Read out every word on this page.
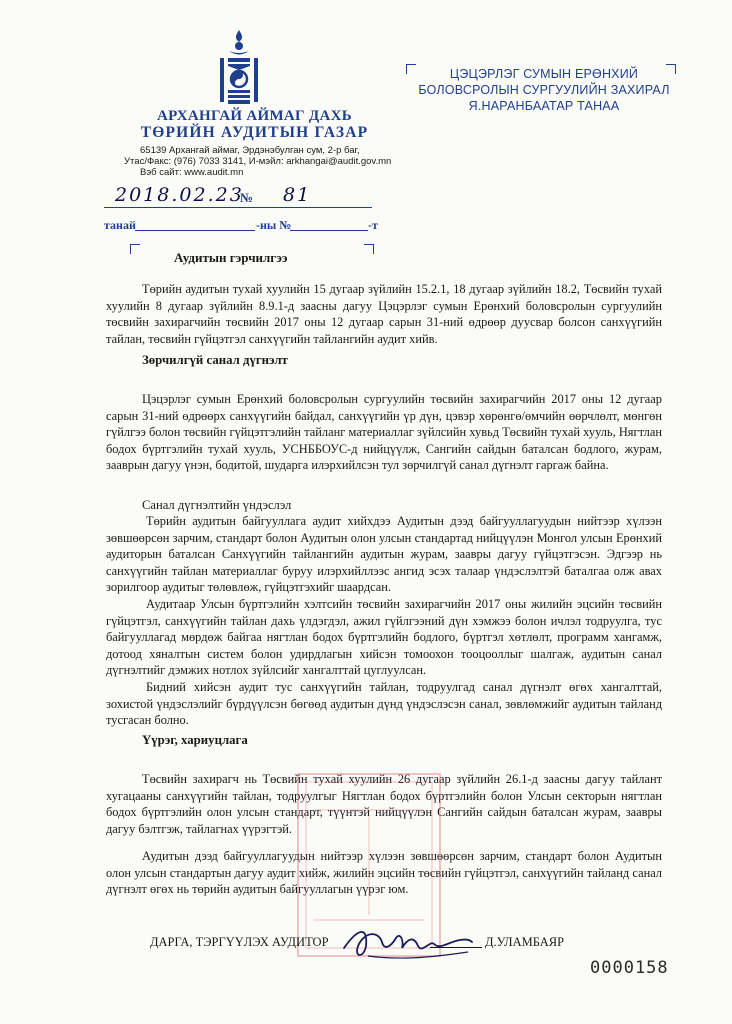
АРХАНГАЙ АЙМАГ ДАХЬ
ТӨРИЙН АУДИТЫН ГАЗАР
65139 Архангай аймаг, Эрдэнэбулган сум, 2-р баг,
Утас/Факс: (976) 7033 3141, И-мэйл: arkhangai@audit.gov.mn
Вэб сайт: www.audit.mn
2018.02.23
№ 81
танай	-ны №	-т
ЦЭЦЭРЛЭГ СУМЫН ЕРӨНХИЙ
БОЛОВСРОЛЫН СУРГУУЛИЙН ЗАХИРАЛ
Я.НАРАНБААТАР ТАНАА
Аудитын гэрчилгээ

Төрийн аудитын тухай хуулийн 15 дугаар зүйлийн 15.2.1, 18 дугаар зүйлийн 18.2, Төсвийн тухай хуулийн 8 дугаар зүйлийн 8.9.1-д заасны дагуу Цэцэрлэг сумын Ерөнхий боловсролын сургуулийн төсвийн захирагчийн төсвийн 2017 оны 12 дугаар сарын 31-ний өдрөөр дуусвар болсон санхүүгийн тайлан, төсвийн гүйцэтгэл санхүүгийн тайлангийн аудит хийв.

Зөрчилгүй санал дүгнэлт

Цэцэрлэг сумын Ерөнхий боловсролын сургуулийн төсвийн захирагчийн 2017 оны 12 дугаар сарын 31-ний өдрөөрх санхүүгийн байдал, санхүүгийн үр дүн, цэвэр хөрөнгө/өмчийн өөрчлөлт, мөнгөн гүйлгээ болон төсвийн гүйцэтгэлийн тайланг материаллаг зүйлсийн хувьд Төсвийн тухай хууль, Нягтлан бодох бүртгэлийн тухай хууль, УСНББОУС-д нийцүүлж, Сангийн сайдын баталсан бодлого, журам, зааврын дагуу үнэн, бодитой, шударга илэрхийлсэн тул зөрчилгүй санал дүгнэлт гаргаж байна.

Санал дүгнэлтийн үндэслэл

Төрийн аудитын байгууллага аудит хийхдээ Аудитын дээд байгууллагуудын нийтээр хүлээн зөвшөөрсөн зарчим, стандарт болон Аудитын олон улсын стандартад нийцүүлэн Монгол улсын Ерөнхий аудиторын баталсан Санхүүгийн тайлангийн аудитын журам, заавры дагуу гүйцэтгэсэн. Эдгээр нь санхүүгийн тайлан материаллаг буруу илэрхийллээс ангид эсэх талаар үндэслэлтэй баталгаа олж авах зорилгоор аудитыг төлөвлөж, гүйцэтгэхийг шаардсан.

Аудитаар Улсын бүртгэлийн хэлтсийн төсвийн захирагчийн 2017 оны жилийн эцсийн төсвийн гүйцэтгэл, санхүүгийн тайлан дахь үлдэгдэл, ажил гүйлгээний дүн хэмжээ болон ичлэл тодруулга, тус байгууллагад мөрдөж байгаа нягтлан бодох бүртгэлийн бодлого, бүртгэл хөтлөлт, программ хангамж, дотоод хяналтын систем болон удирдлагын хийсэн томоохон тооцооллыг шалгаж, аудитын санал дүгнэлтийг дэмжих нотлох зүйлсийг хангалттай цуглуулсан.

Бидний хийсэн аудит тус санхүүгийн тайлан, тодруулгад санал дүгнэлт өгөх хангалттай, зохистой үндэслэлийг бүрдүүлсэн бөгөөд аудитын дүнд үндэслэсэн санал, зөвлөмжийг аудитын тайланд тусгасан болно.

Үүрэг, хариуцлага

Төсвийн захирагч нь Төсвийн тухай хуулийн 26 дугаар зүйлийн 26.1-д заасны дагуу тайлант хугацааны санхүүгийн тайлан, тодруулгыг Нягтлан бодох бүртгэлийн болон Улсын секторын нягтлан бодох бүртгэлийн олон улсын стандарт, түүнтэй нийцүүлэн Сангийн сайдын баталсан журам, заавры дагуу бэлтгэж, тайлагнах үүрэгтэй.

Аудитын дээд байгууллагуудын нийтээр хүлээн зөвшөөрсөн зарчим, стандарт болон Аудитын олон улсын стандартын дагуу аудит хийж, жилийн эцсийн төсвийн гүйцэтгэл, санхүүгийн тайланд санал дүгнэлт өгөх нь төрийн аудитын байгууллагын үүрэг юм.

ДАРГА, ТЭРГҮҮЛЭХ АУДИТОР	Д.УЛАМБАЯР
0000158
